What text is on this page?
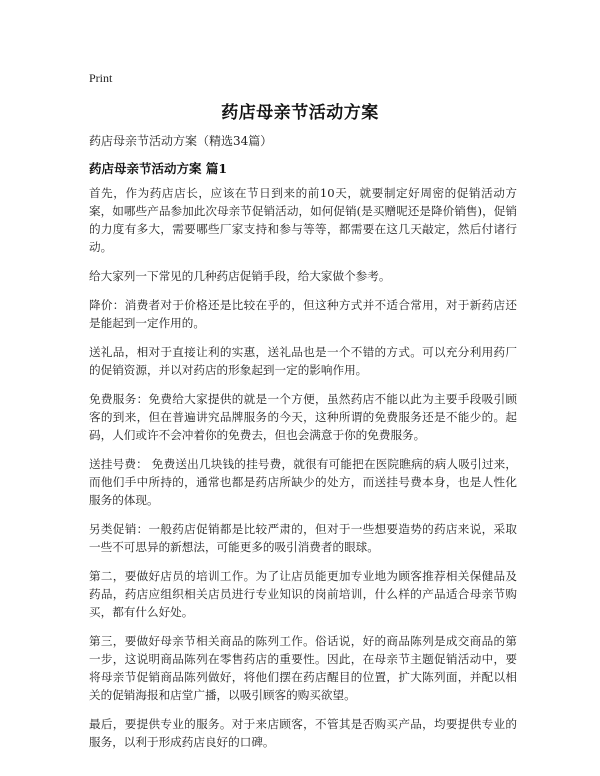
Print
药店母亲节活动方案
药店母亲节活动方案（精选34篇）
药店母亲节活动方案 篇1

首先，作为药店店长，应该在节日到来的前10天，就要制定好周密的促销活动方案，如哪些产品参加此次母亲节促销活动，如何促销(是买赠呢还是降价销售)，促销的力度有多大，需要哪些厂家支持和参与等等，都需要在这几天敲定，然后付诸行动。

给大家列一下常见的几种药店促销手段，给大家做个参考。

降价：消费者对于价格还是比较在乎的，但这种方式并不适合常用，对于新药店还是能起到一定作用的。

送礼品，相对于直接让利的实惠，送礼品也是一个不错的方式。可以充分利用药厂的促销资源，并以对药店的形象起到一定的影响作用。

免费服务：免费给大家提供的就是一个方便，虽然药店不能以此为主要手段吸引顾客的到来，但在普遍讲究品牌服务的今天，这种所谓的免费服务还是不能少的。起码，人们或许不会冲着你的免费去，但也会满意于你的免费服务。

送挂号费： 免费送出几块钱的挂号费，就很有可能把在医院瞧病的病人吸引过来，而他们手中所持的，通常也都是药店所缺少的处方，而送挂号费本身，也是人性化服务的体现。

另类促销：一般药店促销都是比较严肃的，但对于一些想要造势的药店来说，采取一些不可思异的新想法，可能更多的吸引消费者的眼球。

第二，要做好店员的培训工作。为了让店员能更加专业地为顾客推荐相关保健品及药品，药店应组织相关店员进行专业知识的岗前培训，什么样的产品适合母亲节购买，都有什么好处。

第三，要做好母亲节相关商品的陈列工作。俗话说，好的商品陈列是成交商品的第一步，这说明商品陈列在零售药店的重要性。因此，在母亲节主题促销活动中，要将母亲节促销商品陈列做好，将他们摆在药店醒目的位置，扩大陈列面，并配以相关的促销海报和店堂广播，以吸引顾客的购买欲望。

最后，要提供专业的服务。对于来店顾客，不管其是否购买产品，均要提供专业的服务，以利于形成药店良好的口碑。
